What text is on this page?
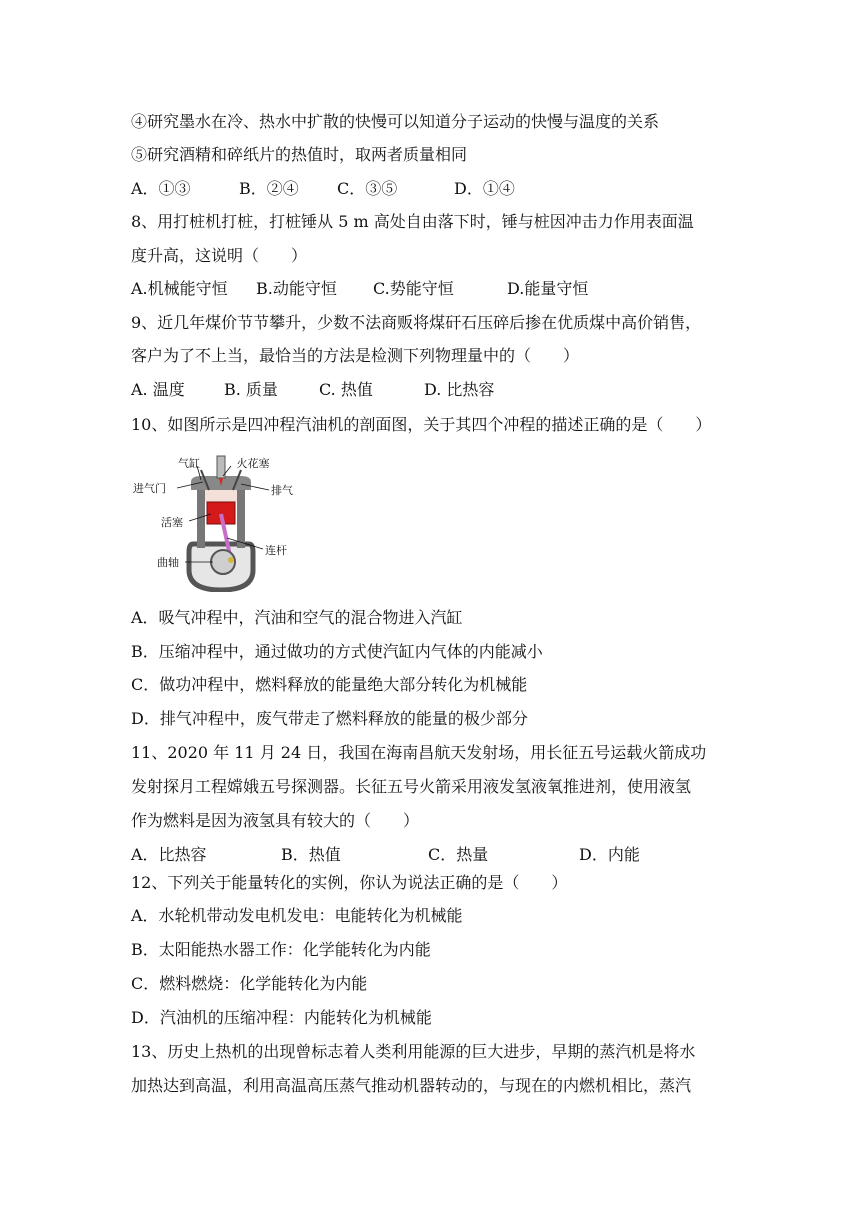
④研究墨水在冷、热水中扩散的快慢可以知道分子运动的快慢与温度的关系
⑤研究酒精和碎纸片的热值时，取两者质量相同
A．①③	B．②④ C．③⑤	D．①④
8、用打桩机打桩，打桩锤从 5 m 高处自由落下时，锤与桩因冲击力作用表面温
度升高，这说明（　　）
A.机械能守恒 B.动能守恒 C.势能守恒	D.能量守恒
9、近几年煤价节节攀升，少数不法商贩将煤矸石压碎后掺在优质煤中高价销售，
客户为了不上当，最恰当的方法是检测下列物理量中的（　　）
A. 温度 B. 质量	C. 热值	D. 比热容
10、如图所示是四冲程汽油机的剖面图，关于其四个冲程的描述正确的是（　　）
气缸	火花塞
进气门	排气
活塞
连杆
曲轴
A．吸气冲程中，汽油和空气的混合物进入汽缸
B．压缩冲程中，通过做功的方式使汽缸内气体的内能减小
C．做功冲程中，燃料释放的能量绝大部分转化为机械能
D．排气冲程中，废气带走了燃料释放的能量的极少部分
11、2020 年 11 月 24 日，我国在海南昌航天发射场，用长征五号运载火箭成功
发射探月工程嫦娥五号探测器。长征五号火箭采用液发氢液氧推进剂，使用液氢
作为燃料是因为液氢具有较大的（　　）
A．比热容	B．热值	C．热量	D．内能
12、下列关于能量转化的实例，你认为说法正确的是（　　）
A．水轮机带动发电机发电：电能转化为机械能
B．太阳能热水器工作：化学能转化为内能
C．燃料燃烧：化学能转化为内能
D．汽油机的压缩冲程：内能转化为机械能
13、历史上热机的出现曾标志着人类利用能源的巨大进步，早期的蒸汽机是将水
加热达到高温，利用高温高压蒸气推动机器转动的，与现在的内燃机相比，蒸汽
